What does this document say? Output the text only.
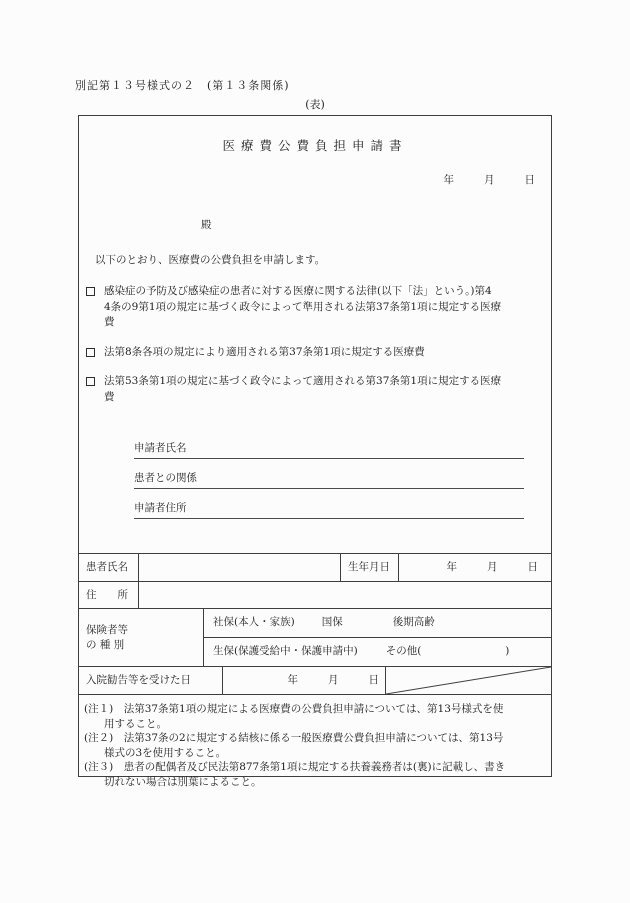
別記第１３号様式の２　(第１３条関係)
(表)
医療費公費負担申請書
年　　月　　日
殿
以下のとおり、医療費の公費負担を申請します。
感染症の予防及び感染症の患者に対する医療に関する法律(以下「法」という。)第4
4条の9第1項の規定に基づく政令によって準用される法第37条第1項に規定する医療
費
法第8条各項の規定により適用される第37条第1項に規定する医療費
法第53条第1項の規定に基づく政令によって適用される第37条第1項に規定する医療
費
申請者氏名
患者との関係
申請者住所
患者氏名	生年月日	年　　月　　日
住　　所
保険者等
の 種 別
社保(本人・家族)	国保	後期高齢
生保(保護受給中・保護申請中)	その他(　　　　　　　　)
入院勧告等を受けた日	年　　月　　日
(注１)　法第37条第1項の規定による医療費の公費負担申請については、第13号様式を使
用すること。
(注２)　法第37条の2に規定する結核に係る一般医療費公費負担申請については、第13号
様式の3を使用すること。
(注３)　患者の配偶者及び民法第877条第1項に規定する扶養義務者は(裏)に記載し、書き
切れない場合は別葉によること。
